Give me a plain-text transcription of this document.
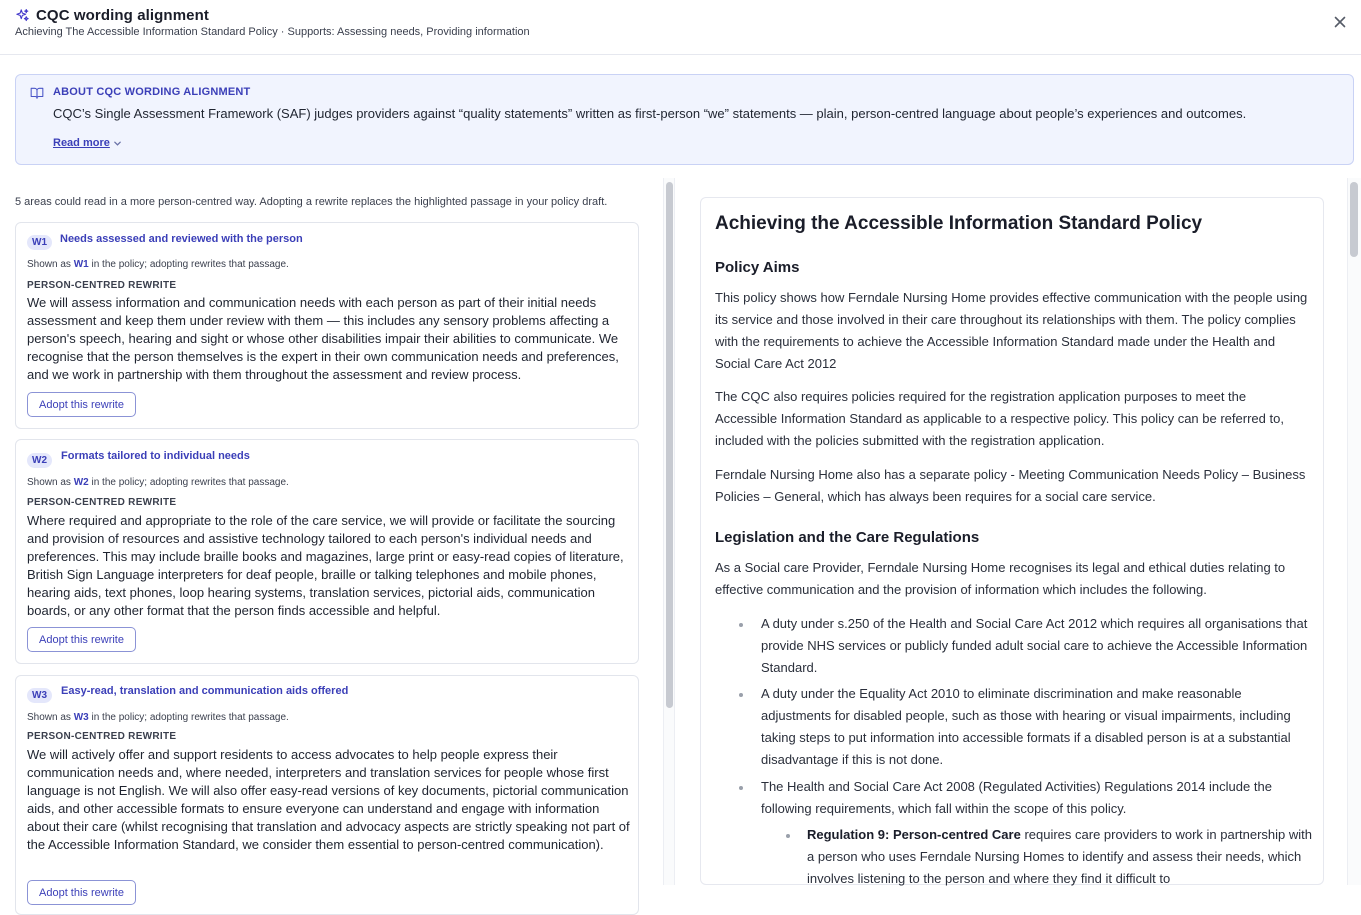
CQC wording alignment
Achieving The Accessible Information Standard Policy · Supports: Assessing needs, Providing information
ABOUT CQC WORDING ALIGNMENT
CQC’s Single Assessment Framework (SAF) judges providers against “quality statements” written as first-person “we” statements — plain, person-centred language about people’s experiences and outcomes.
Read more
5 areas could read in a more person-centred way. Adopting a rewrite replaces the highlighted passage in your policy draft.
W1	Needs assessed and reviewed with the person
Shown as W1 in the policy; adopting rewrites that passage.
PERSON-CENTRED REWRITE
We will assess information and communication needs with each person as part of their initial needs assessment and keep them under review with them — this includes any sensory problems affecting a person's speech, hearing and sight or whose other disabilities impair their abilities to communicate. We recognise that the person themselves is the expert in their own communication needs and preferences, and we work in partnership with them throughout the assessment and review process.
Adopt this rewrite
W2	Formats tailored to individual needs
Shown as W2 in the policy; adopting rewrites that passage.
PERSON-CENTRED REWRITE
Where required and appropriate to the role of the care service, we will provide or facilitate the sourcing and provision of resources and assistive technology tailored to each person's individual needs and preferences. This may include braille books and magazines, large print or easy-read copies of literature, British Sign Language interpreters for deaf people, braille or talking telephones and mobile phones, hearing aids, text phones, loop hearing systems, translation services, pictorial aids, communication boards, or any other format that the person finds accessible and helpful.
Adopt this rewrite
W3	Easy-read, translation and communication aids offered
Shown as W3 in the policy; adopting rewrites that passage.
PERSON-CENTRED REWRITE
We will actively offer and support residents to access advocates to help people express their communication needs and, where needed, interpreters and translation services for people whose first language is not English. We will also offer easy-read versions of key documents, pictorial communication aids, and other accessible formats to ensure everyone can understand and engage with information about their care (whilst recognising that translation and advocacy aspects are strictly speaking not part of the Accessible Information Standard, we consider them essential to person-centred communication).
Adopt this rewrite
Achieving the Accessible Information Standard Policy
Policy Aims

This policy shows how Ferndale Nursing Home provides effective communication with the people using its service and those involved in their care throughout its relationships with them. The policy complies with the requirements to achieve the Accessible Information Standard made under the Health and Social Care Act 2012

The CQC also requires policies required for the registration application purposes to meet the Accessible Information Standard as applicable to a respective policy. This policy can be referred to, included with the policies submitted with the registration application.

Ferndale Nursing Home also has a separate policy - Meeting Communication Needs Policy – Business Policies – General, which has always been requires for a social care service.

Legislation and the Care Regulations

As a Social care Provider, Ferndale Nursing Home recognises its legal and ethical duties relating to effective communication and the provision of information which includes the following.

A duty under s.250 of the Health and Social Care Act 2012 which requires all organisations that provide NHS services or publicly funded adult social care to achieve the Accessible Information Standard.
A duty under the Equality Act 2010 to eliminate discrimination and make reasonable adjustments for disabled people, such as those with hearing or visual impairments, including taking steps to put information into accessible formats if a disabled person is at a substantial disadvantage if this is not done.
The Health and Social Care Act 2008 (Regulated Activities) Regulations 2014 include the following requirements, which fall within the scope of this policy.
Regulation 9: Person-centred Care requires care providers to work in partnership with a person who uses Ferndale Nursing Homes to identify and assess their needs, which involves listening to the person and where they find it difficult to
